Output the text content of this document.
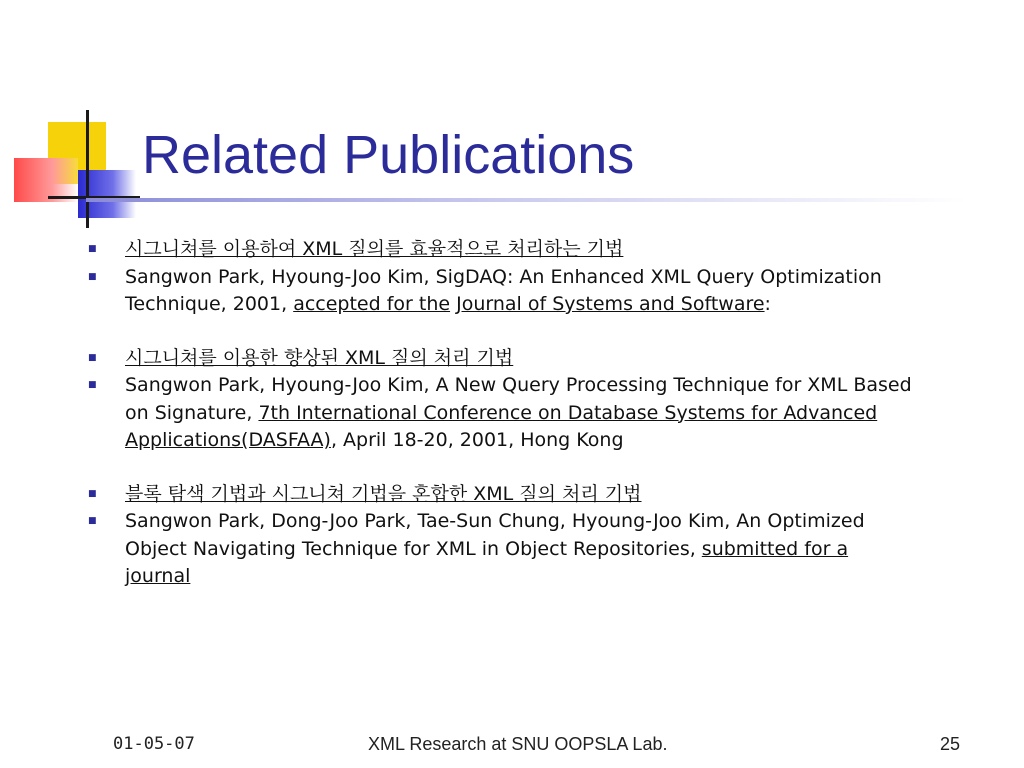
Related Publications
■	시그니쳐를 이용하여 XML 질의를 효율적으로 처리하는 기법
■	Sangwon Park, Hyoung-Joo Kim, SigDAQ: An Enhanced XML Query Optimization Technique, 2001, accepted for the Journal of Systems and Software:
■	시그니쳐를 이용한 향상된 XML 질의 처리 기법
■	Sangwon Park, Hyoung-Joo Kim, A New Query Processing Technique for XML Based on Signature, 7th International Conference on Database Systems for Advanced Applications(DASFAA), April 18-20, 2001, Hong Kong
■	블록 탐색 기법과 시그니쳐 기법을 혼합한 XML 질의 처리 기법
■	Sangwon Park, Dong-Joo Park, Tae-Sun Chung, Hyoung-Joo Kim, An Optimized Object Navigating Technique for XML in Object Repositories, submitted for a journal
01-05-07	XML Research at SNU OOPSLA Lab.	25
